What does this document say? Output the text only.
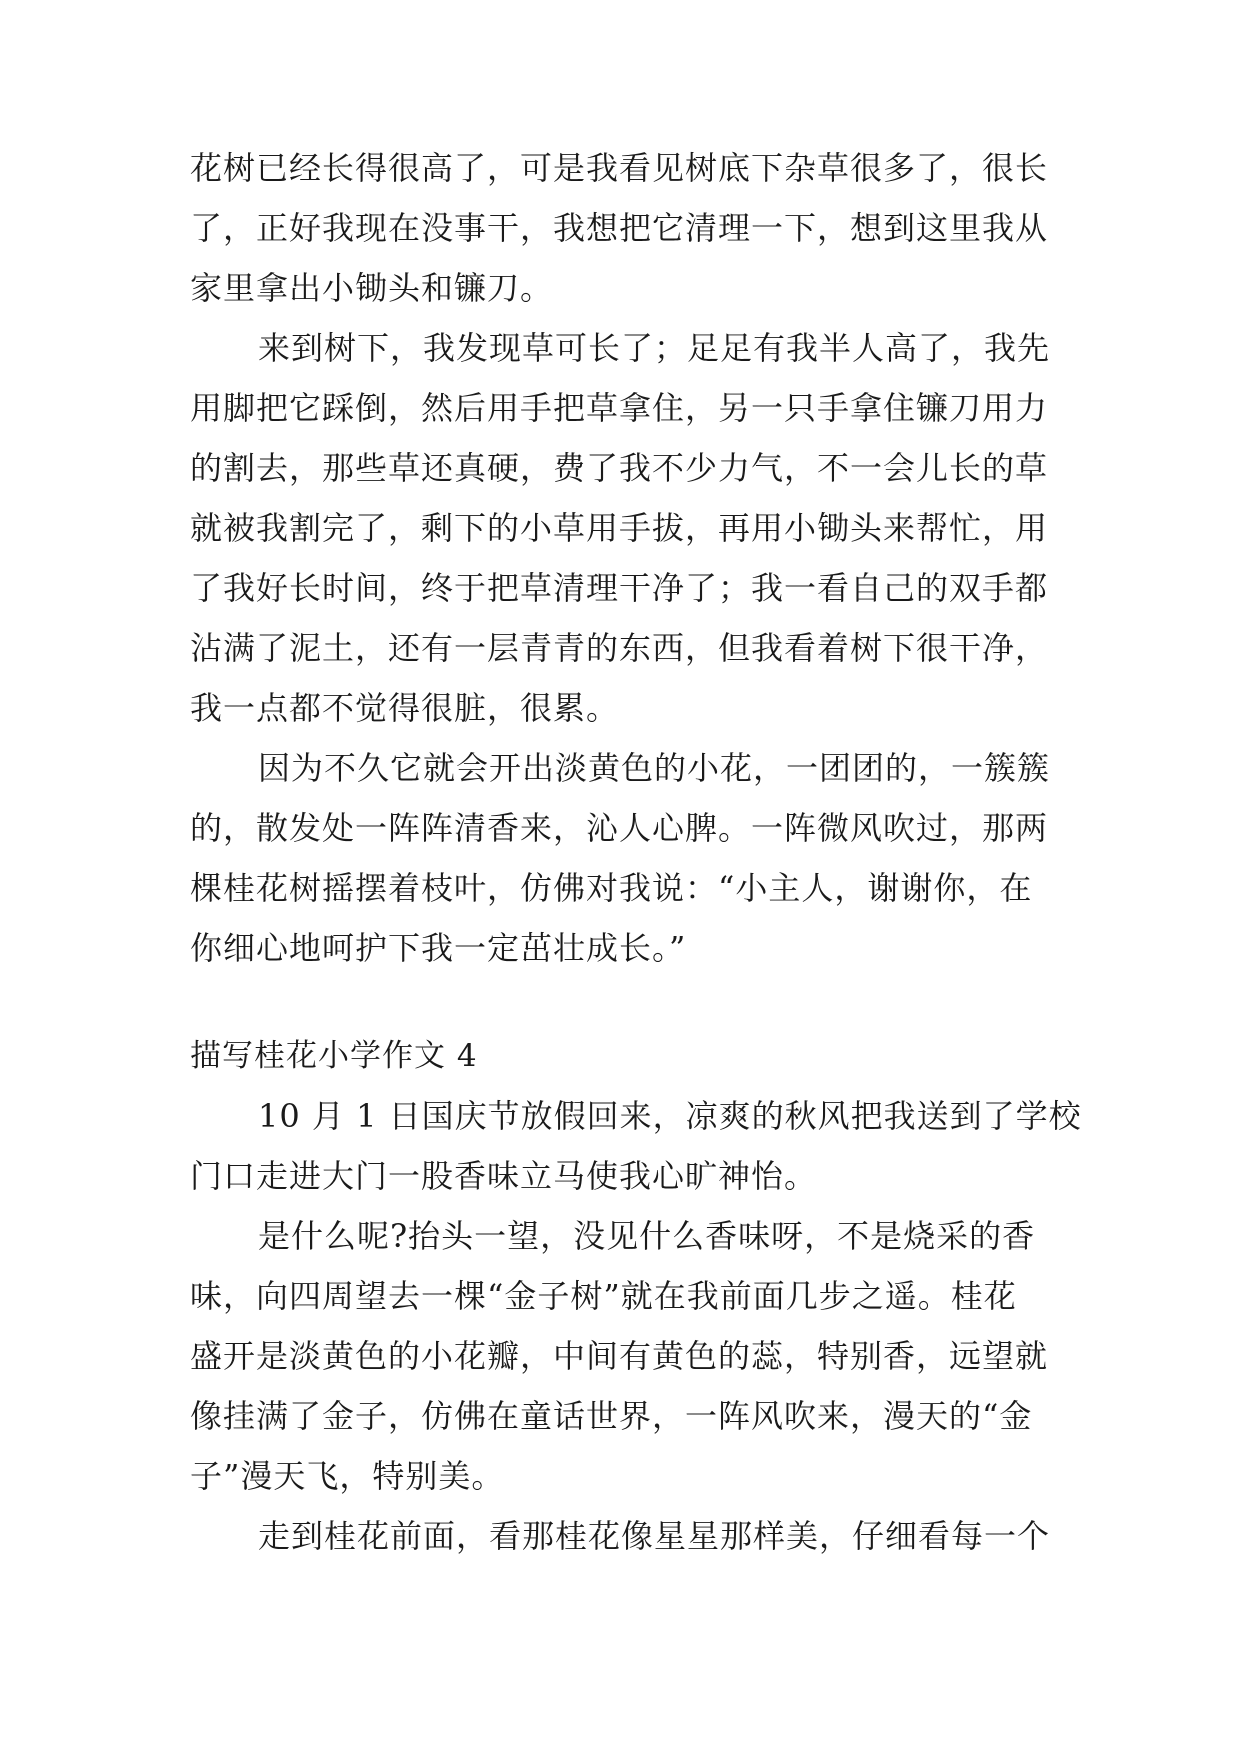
花树已经长得很高了，可是我看见树底下杂草很多了，很长
了，正好我现在没事干，我想把它清理一下，想到这里我从
家里拿出小锄头和镰刀。
来到树下，我发现草可长了；足足有我半人高了，我先
用脚把它踩倒，然后用手把草拿住，另一只手拿住镰刀用力
的割去，那些草还真硬，费了我不少力气，不一会儿长的草
就被我割完了，剩下的小草用手拔，再用小锄头来帮忙，用
了我好长时间，终于把草清理干净了；我一看自己的双手都
沾满了泥土，还有一层青青的东西，但我看着树下很干净，
我一点都不觉得很脏，很累。
因为不久它就会开出淡黄色的小花，一团团的，一簇簇
的，散发处一阵阵清香来，沁人心脾。一阵微风吹过，那两
棵桂花树摇摆着枝叶，仿佛对我说：“小主人，谢谢你，在
你细心地呵护下我一定茁壮成长。”
描写桂花小学作文 4
10 月 1 日国庆节放假回来，凉爽的秋风把我送到了学校
门口走进大门一股香味立马使我心旷神怡。
是什么呢?抬头一望，没见什么香味呀，不是烧采的香
味，向四周望去一棵“金子树”就在我前面几步之遥。桂花
盛开是淡黄色的小花瓣，中间有黄色的蕊，特别香，远望就
像挂满了金子，仿佛在童话世界，一阵风吹来，漫天的“金
子”漫天飞，特别美。
走到桂花前面，看那桂花像星星那样美，仔细看每一个
